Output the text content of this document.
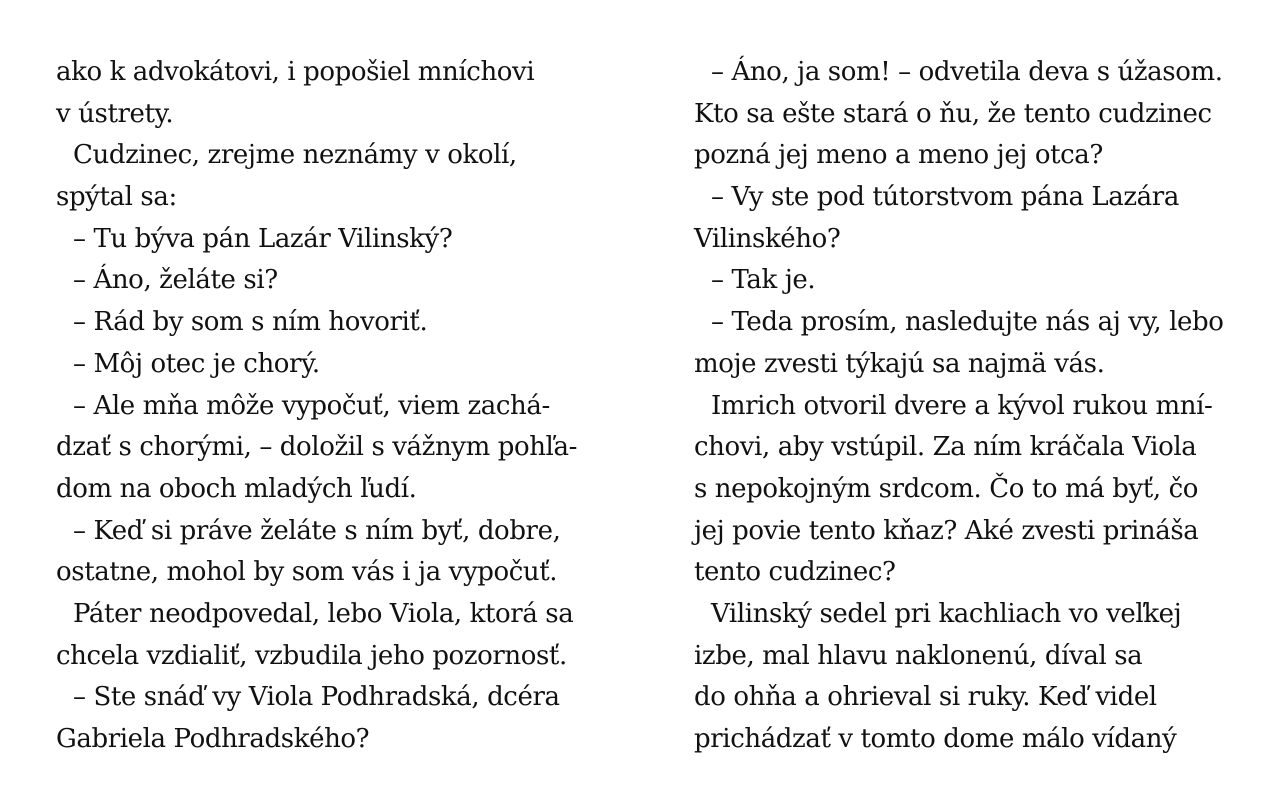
ako k advokátovi, i popošiel mníchovi
v ústrety.
Cudzinec, zrejme neznámy v okolí,
spýtal sa:
– Tu býva pán Lazár Vilinský?
– Áno, želáte si?
– Rád by som s ním hovoriť.
– Môj otec je chorý.
– Ale mňa môže vypočuť, viem zachá-
dzať s chorými, – doložil s vážnym pohľa-
dom na oboch mladých ľudí.
– Keď si práve želáte s ním byť, dobre,
ostatne, mohol by som vás i ja vypočuť.
Páter neodpovedal, lebo Viola, ktorá sa
chcela vzdialiť, vzbudila jeho pozornosť.
– Ste snáď vy Viola Podhradská, dcéra
Gabriela Podhradského?
– Áno, ja som! – odvetila deva s úžasom.
Kto sa ešte stará o ňu, že tento cudzinec
pozná jej meno a meno jej otca?
– Vy ste pod tútorstvom pána Lazára
Vilinského?
– Tak je.
– Teda prosím, nasledujte nás aj vy, lebo
moje zvesti týkajú sa najmä vás.
Imrich otvoril dvere a kývol rukou mní-
chovi, aby vstúpil. Za ním kráčala Viola
s nepokojným srdcom. Čo to má byť, čo
jej povie tento kňaz? Aké zvesti prináša
tento cudzinec?
Vilinský sedel pri kachliach vo veľkej
izbe, mal hlavu naklonenú, díval sa
do ohňa a ohrieval si ruky. Keď videl
prichádzať v tomto dome málo vídaný
